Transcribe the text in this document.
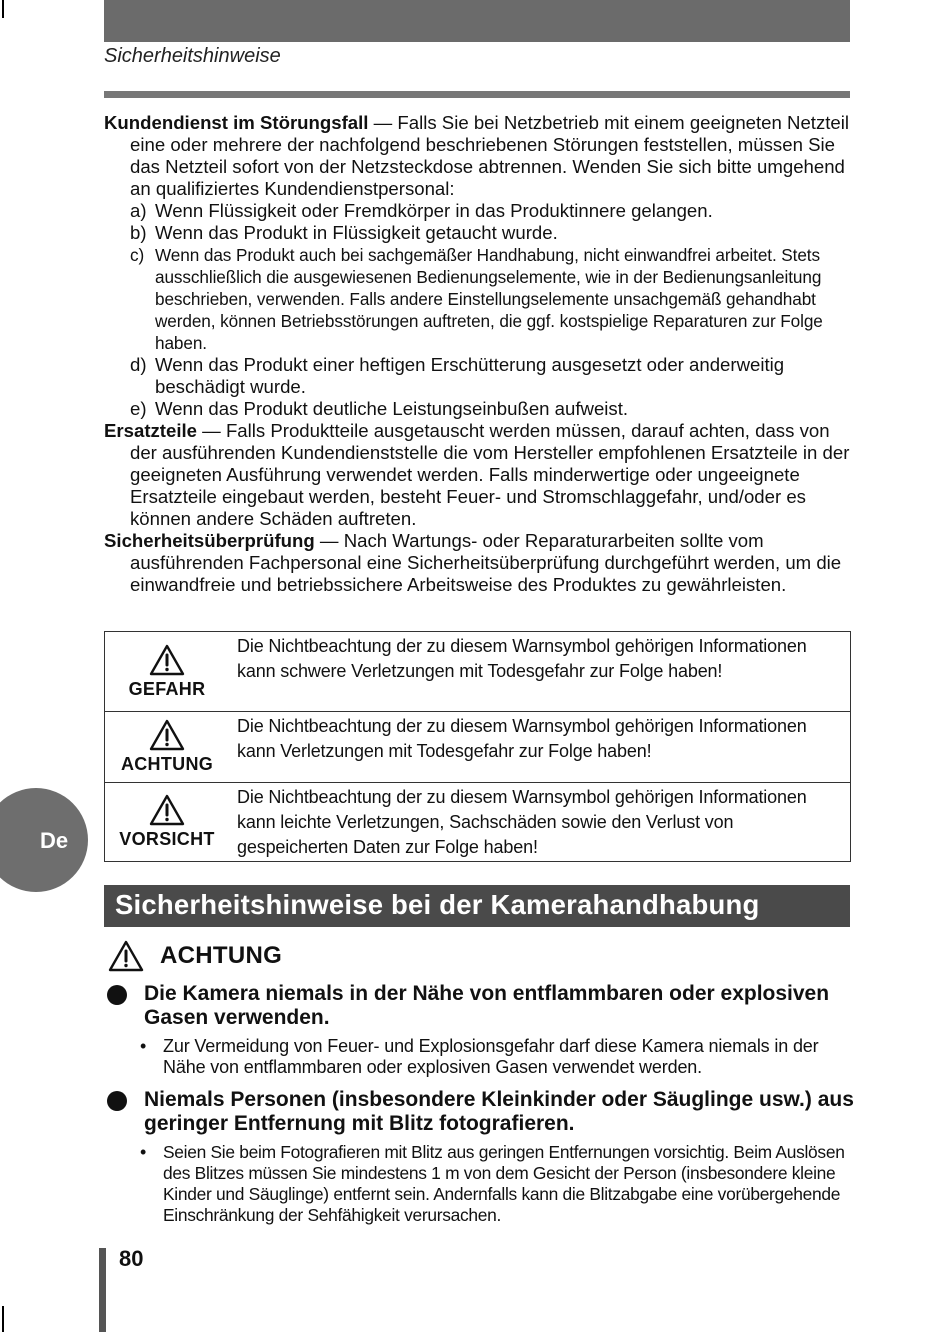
Sicherheitshinweise

Kundendienst im Störungsfall — Falls Sie bei Netzbetrieb mit einem geeigneten Netzteil eine oder mehrere der nachfolgend beschriebenen Störungen feststellen, müssen Sie das Netzteil sofort von der Netzsteckdose abtrennen. Wenden Sie sich bitte umgehend an qualifiziertes Kundendienstpersonal:

a) Wenn Flüssigkeit oder Fremdkörper in das Produktinnere gelangen.
b) Wenn das Produkt in Flüssigkeit getaucht wurde.
c) Wenn das Produkt auch bei sachgemäßer Handhabung, nicht einwandfrei arbeitet. Stets ausschließlich die ausgewiesenen Bedienungselemente, wie in der Bedienungsanleitung beschrieben, verwenden. Falls andere Einstellungselemente unsachgemäß gehandhabt werden, können Betriebsstörungen auftreten, die ggf. kostspielige Reparaturen zur Folge haben.
d) Wenn das Produkt einer heftigen Erschütterung ausgesetzt oder anderweitig beschädigt wurde.
e) Wenn das Produkt deutliche Leistungseinbußen aufweist.

Ersatzteile — Falls Produktteile ausgetauscht werden müssen, darauf achten, dass von der ausführenden Kundendienststelle die vom Hersteller empfohlenen Ersatzteile in der geeigneten Ausführung verwendet werden. Falls minderwertige oder ungeeignete Ersatzteile eingebaut werden, besteht Feuer- und Stromschlaggefahr, und/oder es können andere Schäden auftreten.

Sicherheitsüberprüfung — Nach Wartungs- oder Reparaturarbeiten sollte vom ausführenden Fachpersonal eine Sicherheitsüberprüfung durchgeführt werden, um die einwandfreie und betriebssichere Arbeitsweise des Produktes zu gewährleisten.

GEFAHR
Die Nichtbeachtung der zu diesem Warnsymbol gehörigen Informationen kann schwere Verletzungen mit Todesgefahr zur Folge haben!
ACHTUNG
Die Nichtbeachtung der zu diesem Warnsymbol gehörigen Informationen kann Verletzungen mit Todesgefahr zur Folge haben!
VORSICHT
Die Nichtbeachtung der zu diesem Warnsymbol gehörigen Informationen kann leichte Verletzungen, Sachschäden sowie den Verlust von gespeicherten Daten zur Folge haben!
De
Sicherheitshinweise bei der Kamerahandhabung
ACHTUNG
Die Kamera niemals in der Nähe von entflammbaren oder explosiven Gasen verwenden.
• Zur Vermeidung von Feuer- und Explosionsgefahr darf diese Kamera niemals in der Nähe von entflammbaren oder explosiven Gasen verwendet werden.
Niemals Personen (insbesondere Kleinkinder oder Säuglinge usw.) aus geringer Entfernung mit Blitz fotografieren.
• Seien Sie beim Fotografieren mit Blitz aus geringen Entfernungen vorsichtig. Beim Auslösen des Blitzes müssen Sie mindestens 1 m von dem Gesicht der Person (insbesondere kleine Kinder und Säuglinge) entfernt sein. Andernfalls kann die Blitzabgabe eine vorübergehende Einschränkung der Sehfähigkeit verursachen.
80
